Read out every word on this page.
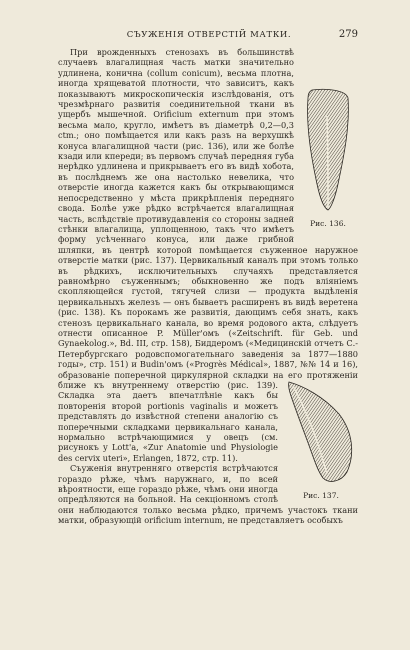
СЪУЖЕНІЯ ОТВЕРСТІЙ МАТКИ.	279
Рис. 136.
Рис. 137.

При врожденныхъ стенозахъ въ большинствѣ случаевъ влагалищная часть матки значительно удлинена, конична (collum conicum), весьма плотна, иногда хрящеватой плотности, что зависитъ, какъ показываютъ микроскопическія изслѣдованія, отъ чрезмѣрнаго развитія соединительной ткани въ ущербъ мышечной. Orificium externum при этомъ весьма мало, кругло, имѣетъ въ діаметрѣ 0,2—0,3 ctm.; оно помѣщается или какъ разъ на верхушкѣ конуса влагалищной части (рис. 136), или же болѣе кзади или кпереди; въ первомъ случаѣ передняя губа нерѣдко удлинена и прикрываетъ его въ видѣ хобота, въ послѣднемъ же она настолько невелика, что отверстіе иногда кажется какъ бы открывающимся непосредственно у мѣста прикрѣпленія передняго свода. Болѣе уже рѣдко встрѣчается влагалищная часть, вслѣдствіе противудавленія со стороны задней стѣнки влагалища, уплощенною, такъ что имѣетъ форму усѣченнаго конуса, или даже грибной шляпки, въ центрѣ которой помѣщается съуженное наружное отверстіе матки (рис. 137). Цервикальный каналъ при этомъ только въ рѣдкихъ, исключительныхъ случаяхъ представляется равномѣрно съуженнымъ; обыкновенно же подъ вліяніемъ скопляющейся густой, тягучей слизи — продукта выдѣленія цервикальныхъ железъ — онъ бываетъ расширенъ въ видѣ веретена (рис. 138). Къ порокамъ же развитія, дающимъ себя знать, какъ стенозъ цервикальнаго канала, во время родового акта, слѣдуетъ отнести описанное P. Müller'омъ («Zeitschrift. für Geb. und Gynaekolog.», Bd. III, стр. 158), Биддеромъ («Медицинскій отчетъ С.-Петербургскаго родовспомогательнаго заведенія за 1877—1880 годы», стр. 151) и Budin'омъ («Progrès Médical», 1887, №№ 14 и 16), образованіе поперечной циркулярной складки на его протяженіи ближе къ внутреннему отверстію (рис. 139).
Складка эта даетъ впечатлѣніе какъ бы повторенія второй portionis vaginalis и можетъ представлять до извѣстной степени аналогію съ поперечными складками цервикальнаго канала, нормально встрѣчающимися у овецъ (см. рисунокъ у Lott'а, «Zur Anatomie und Physiologie des cervix uteri», Erlangen, 1872, стр. 11).

Съуженія внутренняго отверстія встрѣчаются гораздо рѣже, чѣмъ наружнаго, и, по всей вѣроятности, еще гораздо рѣже, чѣмъ они иногда опредѣляются на больной. На секціонномъ столѣ они наблюдаются только весьма рѣдко, причемъ участокъ ткани матки, образующій orificium internum, не представляетъ особыхъ
